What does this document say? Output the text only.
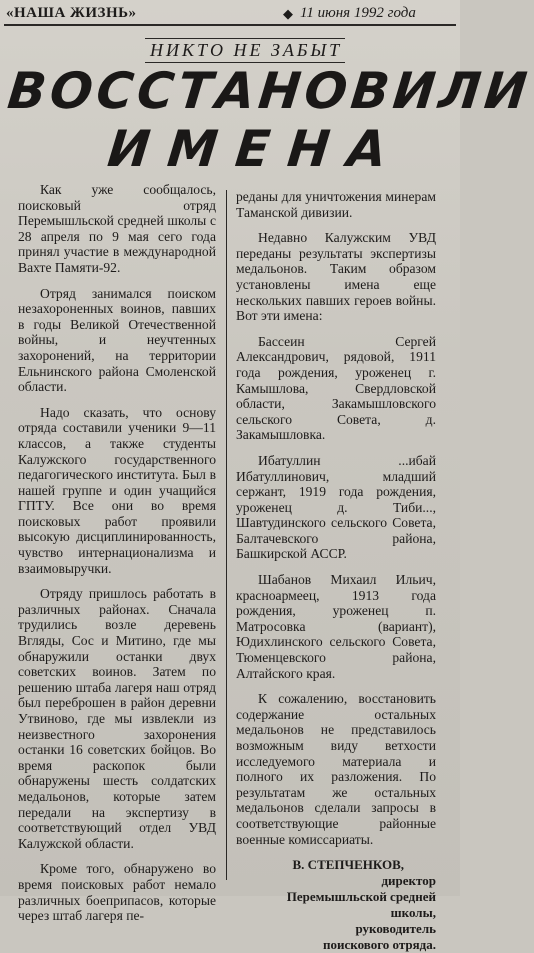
«НАША ЖИЗНЬ»	◆ 11 июня 1992 года
НИКТО НЕ ЗАБЫТ
ВОССТАНОВИЛИ
ИМЕНА

Как уже сообщалось, поисковый отряд Перемышльской средней школы с 28 апреля по 9 мая сего года принял участие в международной Вахте Памяти-92.

Отряд занимался поиском незахороненных воинов, павших в годы Великой Отечественной войны, и неучтенных захоронений, на территории Ельнинского района Смоленской области.

Надо сказать, что основу отряда составили ученики 9—11 классов, а также студенты Калужского государственного педагогического института. Был в нашей группе и один учащийся ГПТУ. Все они во время поисковых работ проявили высокую дисциплинированность, чувство интернационализма и взаимовыручки.

Отряду пришлось работать в различных районах. Сначала трудились возле деревень Вгляды, Сос и Митино, где мы обнаружили останки двух советских воинов. Затем по решению штаба лагеря наш отряд был переброшен в район деревни Утвиново, где мы извлекли из неизвестного захоронения останки 16 советских бойцов. Во время раскопок были обнаружены шесть солдатских медальонов, которые затем передали на экспертизу в соответствующий отдел УВД Калужской области.

Кроме того, обнаружено во время поисковых работ немало различных боеприпасов, которые через штаб лагеря пе-

реданы для уничтожения минерам Таманской дивизии.

Недавно Калужским УВД переданы результаты экспертизы медальонов. Таким образом установлены имена еще нескольких павших героев войны. Вот эти имена:

Бассеин Сергей Александрович, рядовой, 1911 года рождения, уроженец г. Камышлова, Свердловской области, Закамышловского сельского Совета, д. Закамышловка.

Ибатуллин ...ибай Ибатуллинович, младший сержант, 1919 года рождения, уроженец д. Тиби..., Шавтудинского сельского Совета, Балтачевского района, Башкирской АССР.

Шабанов Михаил Ильич, красноармеец, 1913 года рождения, уроженец п. Матросовка (вариант), Юдихлинского сельского Совета, Тюменцевского района, Алтайского края.

К сожалению, восстановить содержание остальных медальонов не представилось возможным виду ветхости исследуемого материала и полного их разложения. По результатам же остальных медальонов сделали запросы в соответствующие районные военные комиссариаты.

В. СТЕПЧЕНКОВ,
директор
Перемышльской средней
школы,
руководитель
поискового отряда.
